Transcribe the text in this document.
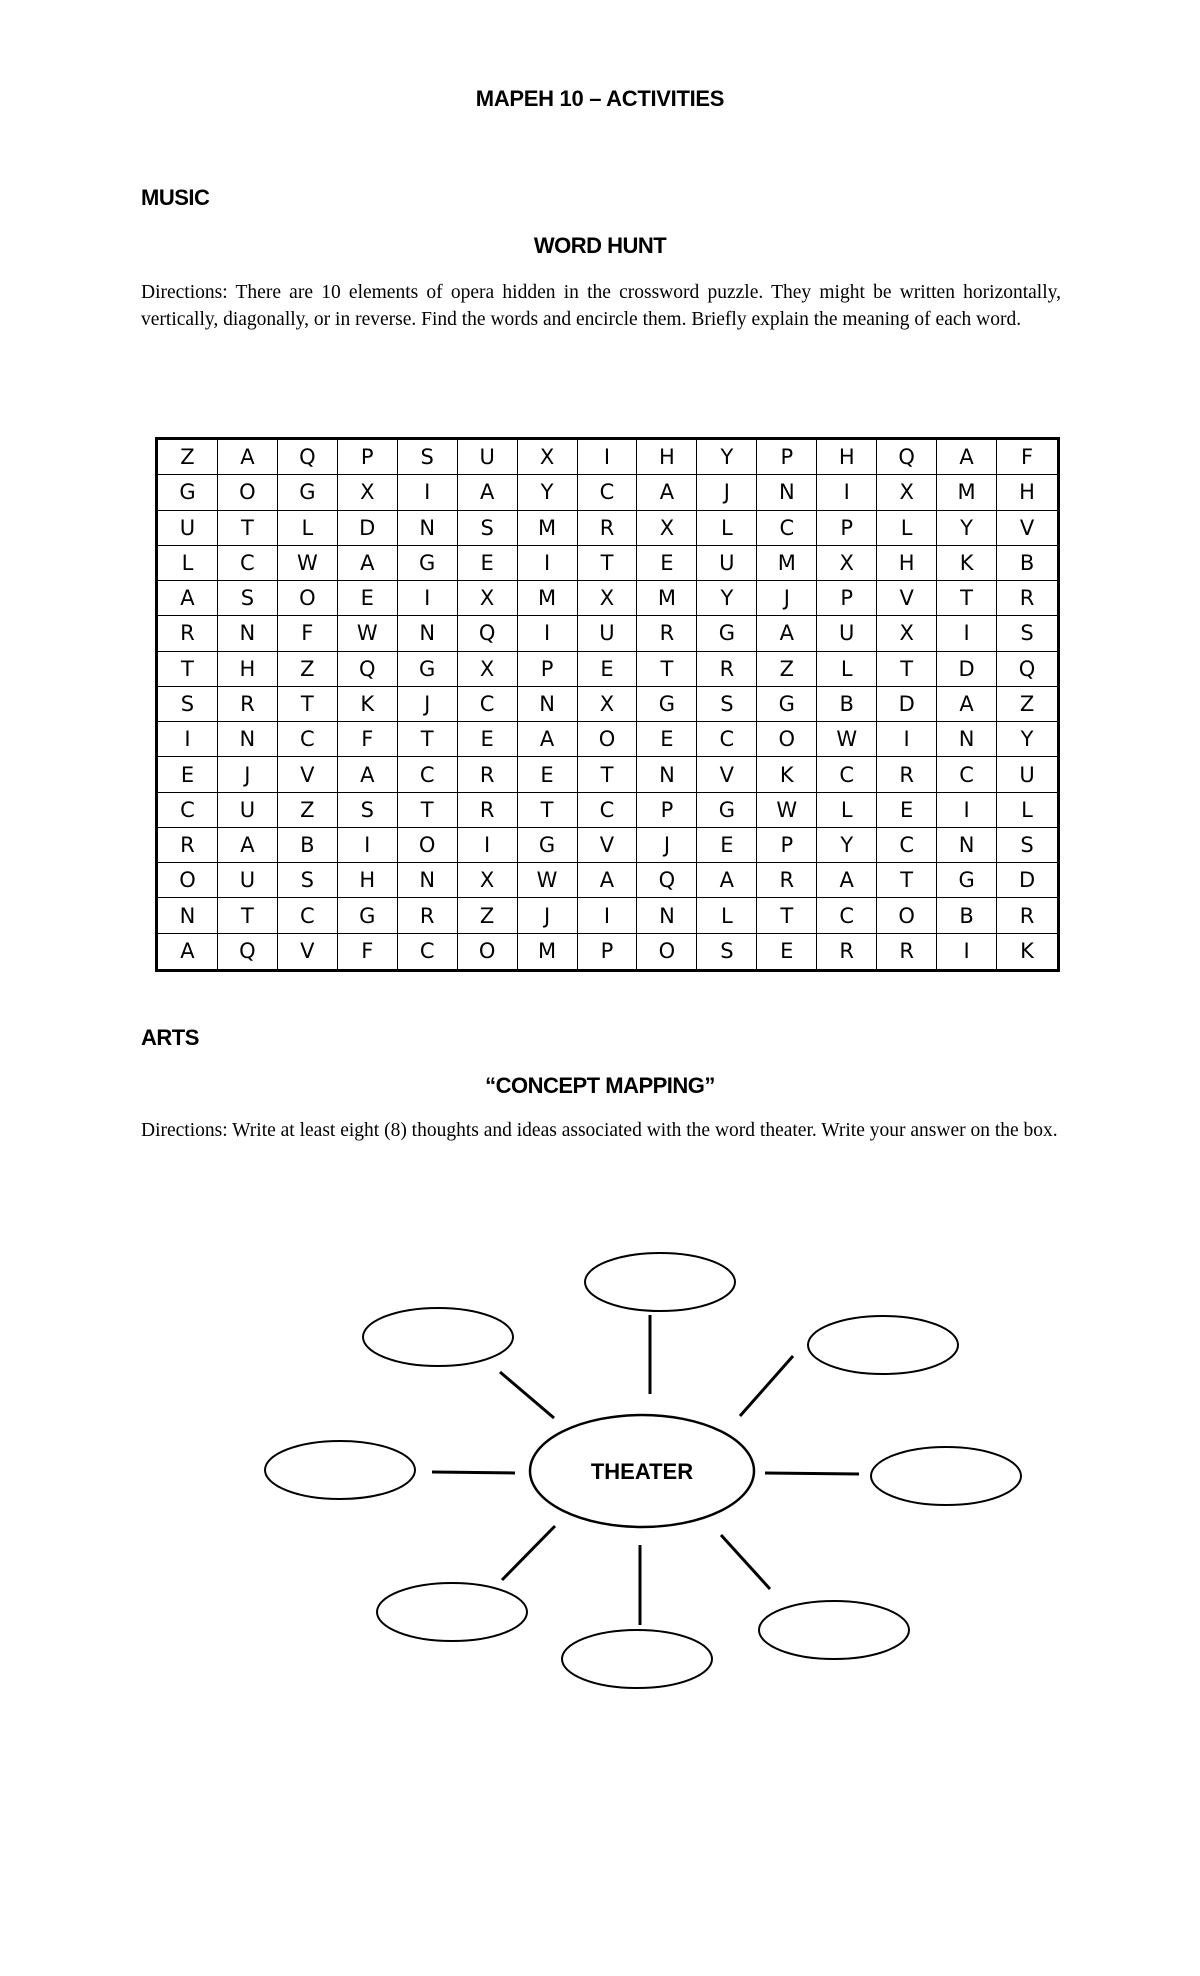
MAPEH 10 – ACTIVITIES
MUSIC
WORD HUNT

Directions: There are 10 elements of opera hidden in the crossword puzzle. They might be written horizontally, vertically, diagonally, or in reverse. Find the words and encircle them. Briefly explain the meaning of each word.

Z	A	Q	P	S	U	X	I	H	Y	P	H	Q	A	F
G	O	G	X	I	A	Y	C	A	J	N	I	X	M	H
U	T	L	D	N	S	M	R	X	L	C	P	L	Y	V
L	C	W	A	G	E	I	T	E	U	M	X	H	K	B
A	S	O	E	I	X	M	X	M	Y	J	P	V	T	R
R	N	F	W	N	Q	I	U	R	G	A	U	X	I	S
T	H	Z	Q	G	X	P	E	T	R	Z	L	T	D	Q
S	R	T	K	J	C	N	X	G	S	G	B	D	A	Z
I	N	C	F	T	E	A	O	E	C	O	W	I	N	Y
E	J	V	A	C	R	E	T	N	V	K	C	R	C	U
C	U	Z	S	T	R	T	C	P	G	W	L	E	I	L
R	A	B	I	O	I	G	V	J	E	P	Y	C	N	S
O	U	S	H	N	X	W	A	Q	A	R	A	T	G	D
N	T	C	G	R	Z	J	I	N	L	T	C	O	B	R
A	Q	V	F	C	O	M	P	O	S	E	R	R	I	K
ARTS
“CONCEPT MAPPING”

Directions: Write at least eight (8) thoughts and ideas associated with the word theater. Write your answer on the box.

THEATER
